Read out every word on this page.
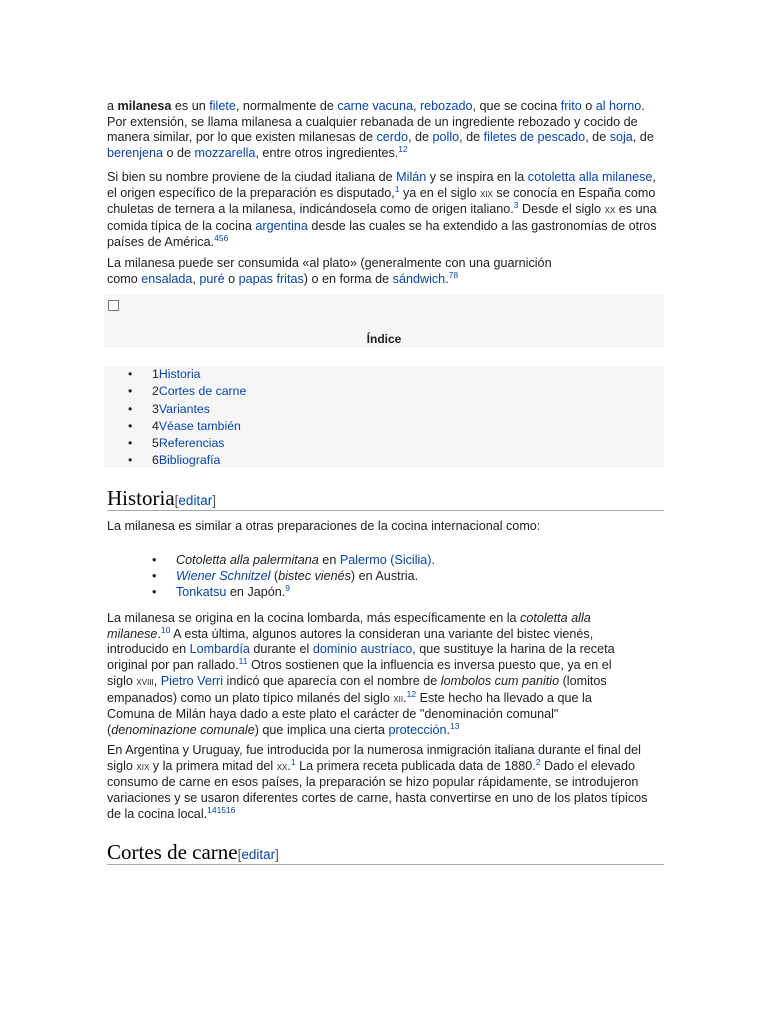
a milanesa es un filete, normalmente de carne vacuna, rebozado, que se cocina frito o al horno. Por extensión, se llama milanesa a cualquier rebanada de un ingrediente rebozado y cocido de manera similar, por lo que existen milanesas de cerdo, de pollo, de filetes de pescado, de soja, de berenjena o de mozzarella, entre otros ingredientes.$^{12}$

Si bien su nombre proviene de la ciudad italiana de Milán y se inspira en la cotoletta alla milanese, el origen específico de la preparación es disputado,$^1$ ya en el siglo xix se conocía en España como chuletas de ternera a la milanesa, indicándosela como de origen italiano.$^3$ Desde el siglo xx es una comida típica de la cocina argentina desde las cuales se ha extendido a las gastronomías de otros países de América.$^{456}$

La milanesa puede ser consumida «al plato» (generalmente con una guarnición como ensalada, puré o papas fritas) o en forma de sándwich.$^{78}$

Índice
• 1Historia
• 2Cortes de carne
• 3Variantes
• 4Véase también
• 5Referencias
• 6Bibliografía
Historia[editar]

La milanesa es similar a otras preparaciones de la cocina internacional como:

• Cotoletta alla palermitana en Palermo (Sicilia).
• Wiener Schnitzel (bistec vienés) en Austria.
• Tonkatsu en Japón.$^9$

La milanesa se origina en la cocina lombarda, más específicamente en la cotoletta alla milanese.$^{10}$ A esta última, algunos autores la consideran una variante del bistec vienés, introducido en Lombardía durante el dominio austríaco, que sustituye la harina de la receta original por pan rallado.$^{11}$ Otros sostienen que la influencia es inversa puesto que, ya en el siglo xviii, Pietro Verri indicó que aparecía con el nombre de lombolos cum panitio (lomitos empanados) como un plato típico milanés del siglo xii.$^{12}$ Este hecho ha llevado a que la Comuna de Milán haya dado a este plato el carácter de "denominación comunal" (denominazione comunale) que implica una cierta protección.$^{13}$

En Argentina y Uruguay, fue introducida por la numerosa inmigración italiana durante el final del siglo xix y la primera mitad del xx.$^1$ La primera receta publicada data de 1880.$^2$ Dado el elevado consumo de carne en esos países, la preparación se hizo popular rápidamente, se introdujeron variaciones y se usaron diferentes cortes de carne, hasta convertirse en uno de los platos típicos de la cocina local.$^{141516}$

Cortes de carne[editar]
